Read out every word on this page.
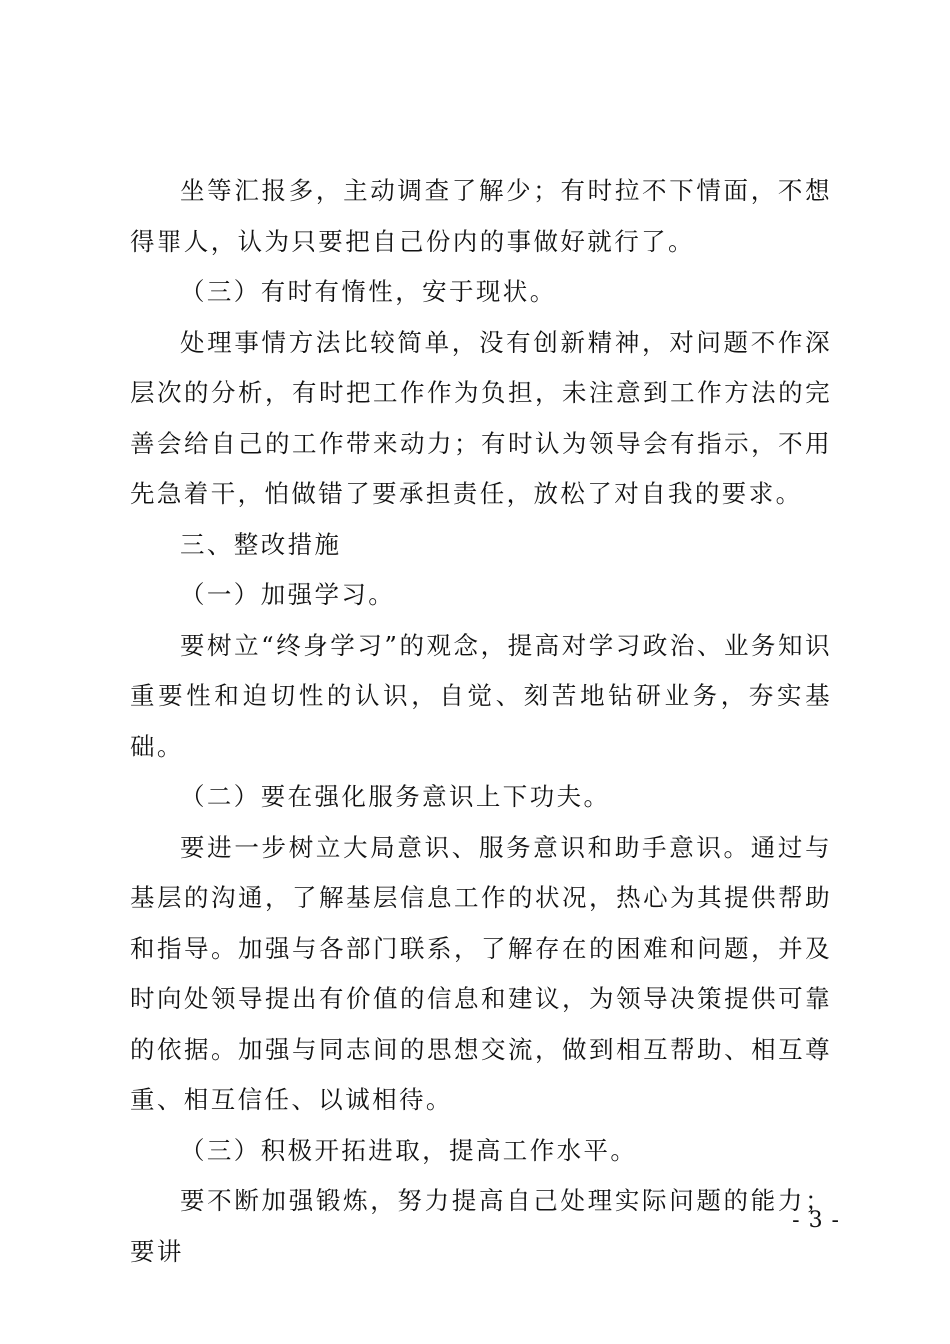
坐等汇报多，主动调查了解少；有时拉不下情面，不想得罪人，认为只要把自己份内的事做好就行了。

（三）有时有惰性，安于现状。

处理事情方法比较简单，没有创新精神，对问题不作深层次的分析，有时把工作作为负担，未注意到工作方法的完善会给自己的工作带来动力；有时认为领导会有指示，不用先急着干，怕做错了要承担责任，放松了对自我的要求。

三、整改措施

（一）加强学习。

要树立“终身学习”的观念，提高对学习政治、业务知识重要性和迫切性的认识，自觉、刻苦地钻研业务，夯实基础。

（二）要在强化服务意识上下功夫。

要进一步树立大局意识、服务意识和助手意识。通过与基层的沟通，了解基层信息工作的状况，热心为其提供帮助和指导。加强与各部门联系，了解存在的困难和问题，并及时向处领导提出有价值的信息和建议，为领导决策提供可靠的依据。加强与同志间的思想交流，做到相互帮助、相互尊重、相互信任、以诚相待。

（三）积极开拓进取，提高工作水平。

要不断加强锻炼，努力提高自己处理实际问题的能力；要讲

- 3 -
